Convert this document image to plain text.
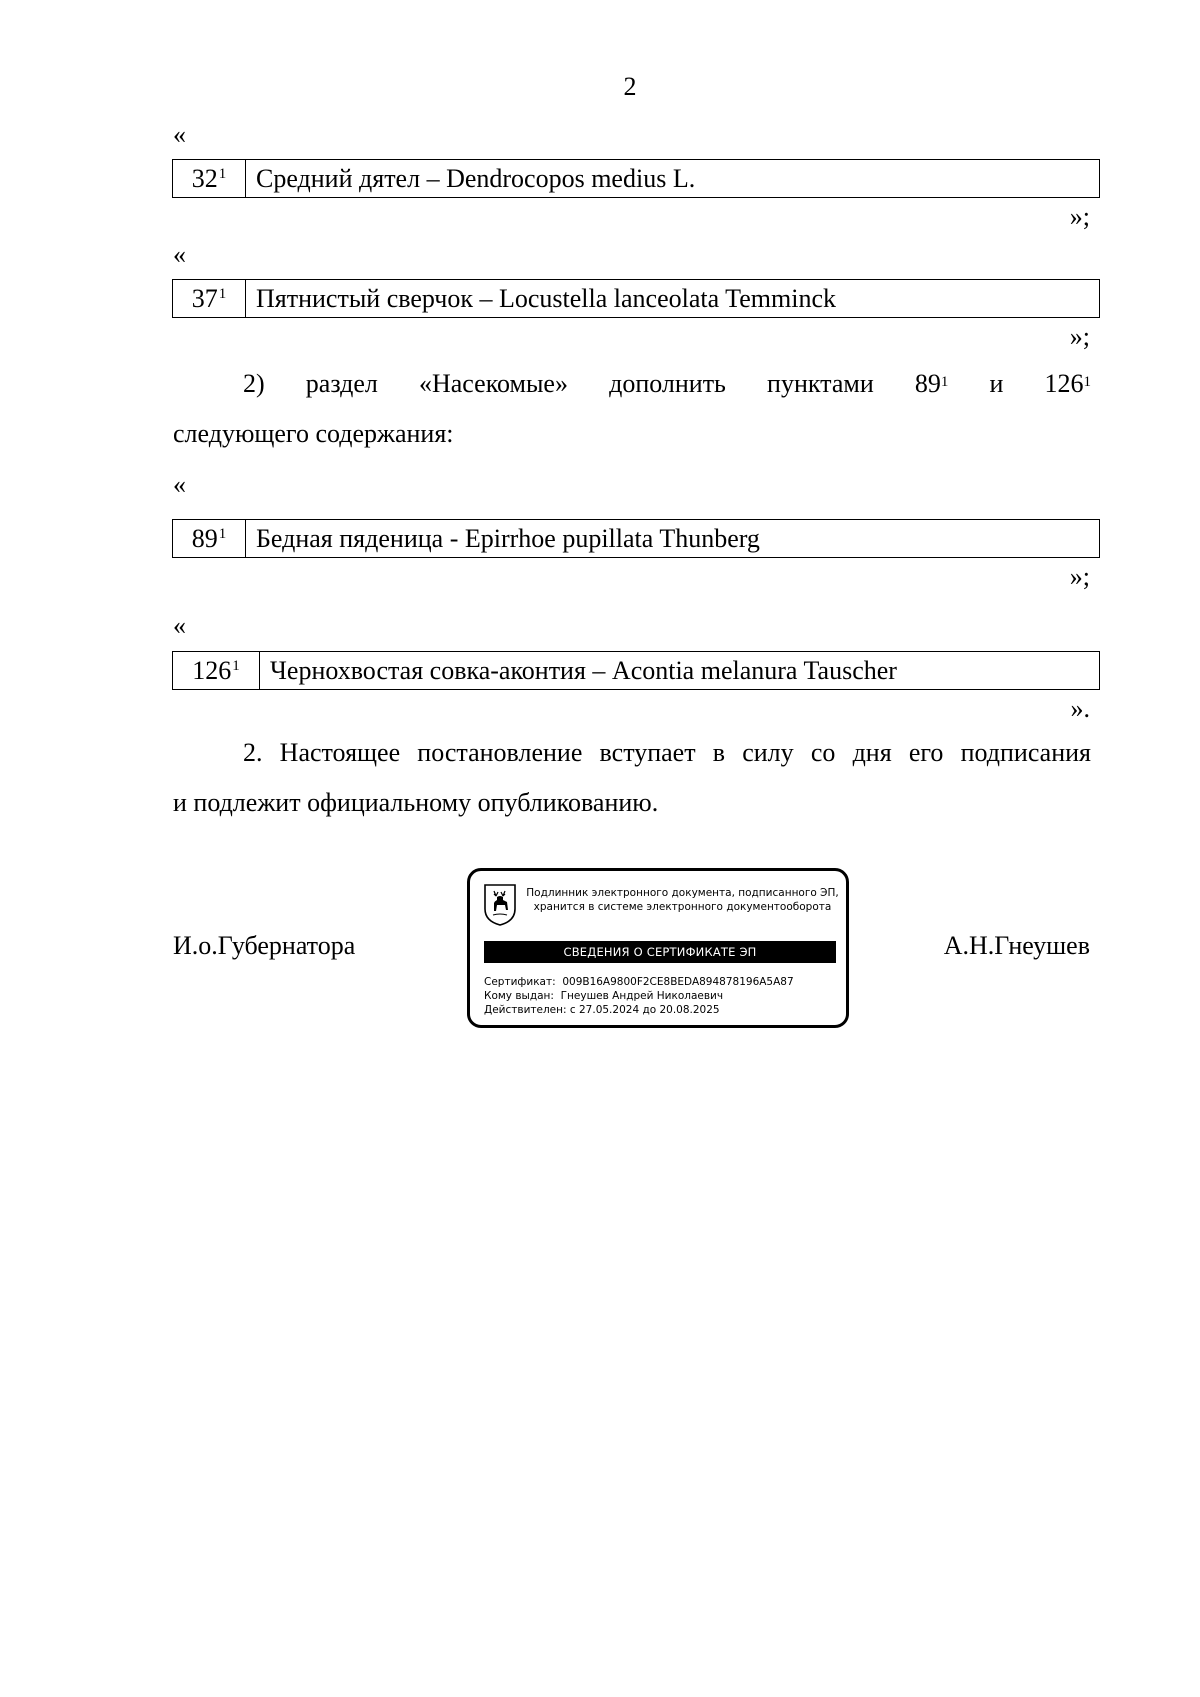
2
«
$32^1$	Средний дятел – Dendrocopos medius L.
»;
«
$37^1$	Пятнистый сверчок – Locustella lanceolata Temminck
»;
2) раздел «Насекомые» дополнить пунктами $89^1$ и $126^1$
следующего содержания:
«
$89^1$	Бедная пяденица - Epirrhoe pupillata Thunberg
»;
«
$126^1$	Чернохвостая совка-аконтия – Acontia melanura Tauscher
».
2. Настоящее постановление вступает в силу со дня его подписания
и подлежит официальному опубликованию.
И.о.Губернатора	А.Н.Гнеушев
Подлинник электронного документа, подписанного ЭП,
хранится в системе электронного документооборота
СВЕДЕНИЯ О СЕРТИФИКАТЕ ЭП
Сертификат: 009B16A9800F2CE8BEDA894878196A5A87
Кому выдан: Гнеушев Андрей Николаевич
Действителен: с 27.05.2024 до 20.08.2025
